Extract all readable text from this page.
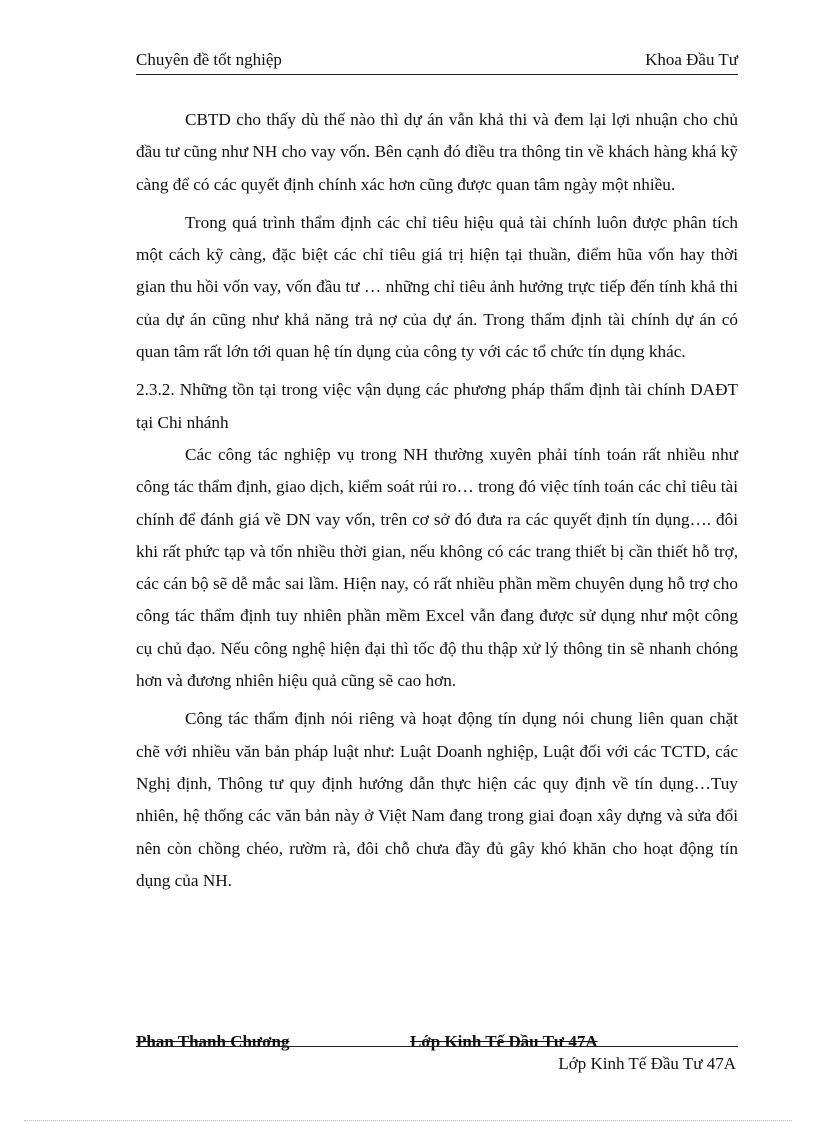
Chuyên đề tốt nghiệp	Khoa Đầu Tư

CBTD cho thấy dù thế nào thì dự án vẫn khả thi và đem lại lợi nhuận cho chủ đầu tư cũng như NH cho vay vốn. Bên cạnh đó điều tra thông tin về khách hàng khá kỹ càng để có các quyết định chính xác hơn cũng được quan tâm ngày một nhiều.

Trong quá trình thẩm định các chỉ tiêu hiệu quả tài chính luôn được phân tích một cách kỹ càng, đặc biệt các chỉ tiêu giá trị hiện tại thuần, điểm hũa vốn hay thời gian thu hồi vốn vay, vốn đầu tư … những chỉ tiêu ảnh hưởng trực tiếp đến tính khả thi của dự án cũng như khả năng trả nợ của dự án. Trong thẩm định tài chính dự án có quan tâm rất lớn tới quan hệ tín dụng của công ty với các tổ chức tín dụng khác.

2.3.2. Những tồn tại trong việc vận dụng các phương pháp thẩm định tài chính DAĐT tại Chi nhánh

Các công tác nghiệp vụ trong NH thường xuyên phải tính toán rất nhiều như công tác thẩm định, giao dịch, kiểm soát rủi ro… trong đó việc tính toán các chỉ tiêu tài chính để đánh giá về DN vay vốn, trên cơ sở đó đưa ra các quyết định tín dụng…. đôi khi rất phức tạp và tốn nhiều thời gian, nếu không có các trang thiết bị cần thiết hỗ trợ, các cán bộ sẽ dễ mắc sai lầm. Hiện nay, có rất nhiều phần mềm chuyên dụng hỗ trợ cho công tác thẩm định tuy nhiên phần mềm Excel vẫn đang được sử dụng như một công cụ chủ đạo. Nếu công nghệ hiện đại thì tốc độ thu thập xử lý thông tin sẽ nhanh chóng hơn và đương nhiên hiệu quả cũng sẽ cao hơn.

Công tác thẩm định nói riêng và hoạt động tín dụng nói chung liên quan chặt chẽ với nhiều văn bản pháp luật như: Luật Doanh nghiệp, Luật đối với các TCTD, các Nghị định, Thông tư quy định hướng dẫn thực hiện các quy định về tín dụng…Tuy nhiên, hệ thống các văn bản này ở Việt Nam đang trong giai đoạn xây dựng và sửa đổi nên còn chồng chéo, rườm rà, đôi chỗ chưa đầy đủ gây khó khăn cho hoạt động tín dụng của NH.

Phan Thanh Chương	Lớp Kinh Tế Đầu Tư 47A
Lớp Kinh Tế Đầu Tư 47A
